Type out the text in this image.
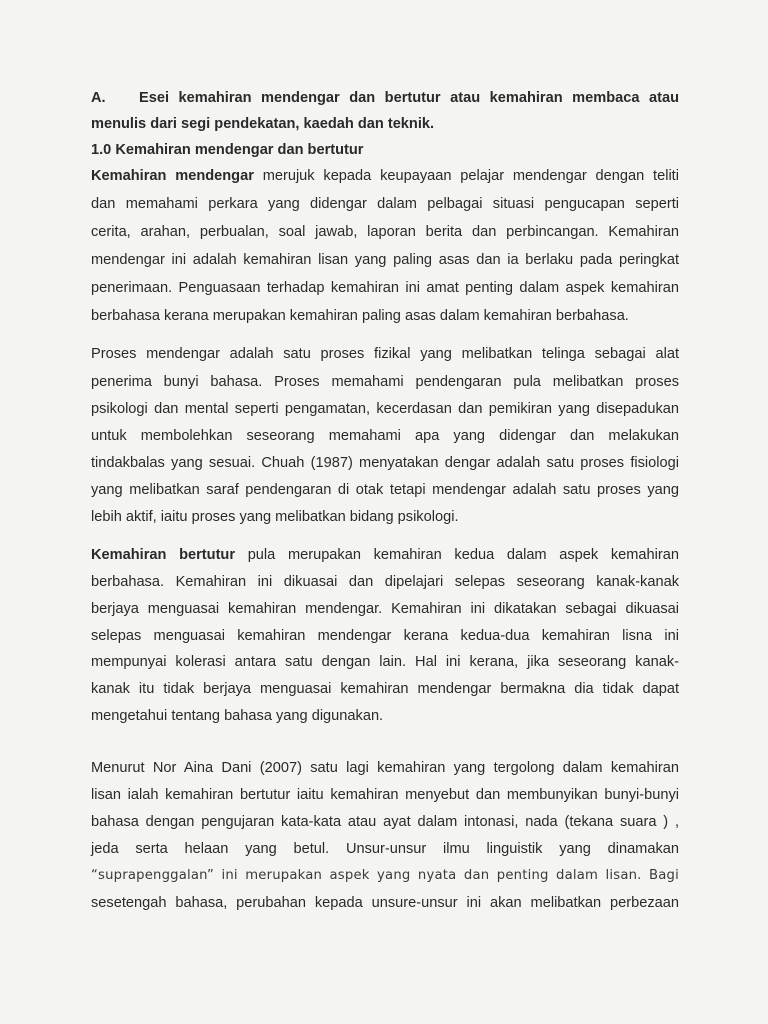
A. Esei kemahiran mendengar dan bertutur atau kemahiran membaca atau
menulis dari segi pendekatan, kaedah dan teknik.
1.0 Kemahiran mendengar dan bertutur
Kemahiran mendengar merujuk kepada keupayaan pelajar mendengar dengan teliti
dan memahami perkara yang didengar dalam pelbagai situasi pengucapan seperti
cerita, arahan, perbualan, soal jawab, laporan berita dan perbincangan. Kemahiran
mendengar ini adalah kemahiran lisan yang paling asas dan ia berlaku pada peringkat
penerimaan. Penguasaan terhadap kemahiran ini amat penting dalam aspek kemahiran
berbahasa kerana merupakan kemahiran paling asas dalam kemahiran berbahasa.
Proses mendengar adalah satu proses fizikal yang melibatkan telinga sebagai alat
penerima bunyi bahasa. Proses memahami pendengaran pula melibatkan proses
psikologi dan mental seperti pengamatan, kecerdasan dan pemikiran yang disepadukan
untuk membolehkan seseorang memahami apa yang didengar dan melakukan
tindakbalas yang sesuai. Chuah (1987) menyatakan dengar adalah satu proses fisiologi
yang melibatkan saraf pendengaran di otak tetapi mendengar adalah satu proses yang
lebih aktif, iaitu proses yang melibatkan bidang psikologi.
Kemahiran bertutur pula merupakan kemahiran kedua dalam aspek kemahiran
berbahasa. Kemahiran ini dikuasai dan dipelajari selepas seseorang kanak-kanak
berjaya menguasai kemahiran mendengar. Kemahiran ini dikatakan sebagai dikuasai
selepas menguasai kemahiran mendengar kerana kedua-dua kemahiran lisna ini
mempunyai kolerasi antara satu dengan lain. Hal ini kerana, jika seseorang kanak-
kanak itu tidak berjaya menguasai kemahiran mendengar bermakna dia tidak dapat
mengetahui tentang bahasa yang digunakan.
Menurut Nor Aina Dani (2007) satu lagi kemahiran yang tergolong dalam kemahiran
lisan ialah kemahiran bertutur iaitu kemahiran menyebut dan membunyikan bunyi-bunyi
bahasa dengan pengujaran kata-kata atau ayat dalam intonasi, nada (tekana suara ) ,
jeda serta helaan yang betul. Unsur-unsur ilmu linguistik yang dinamakan
“suprapenggalan” ini merupakan aspek yang nyata dan penting dalam lisan. Bagi
sesetengah bahasa, perubahan kepada unsure-unsur ini akan melibatkan perbezaan
